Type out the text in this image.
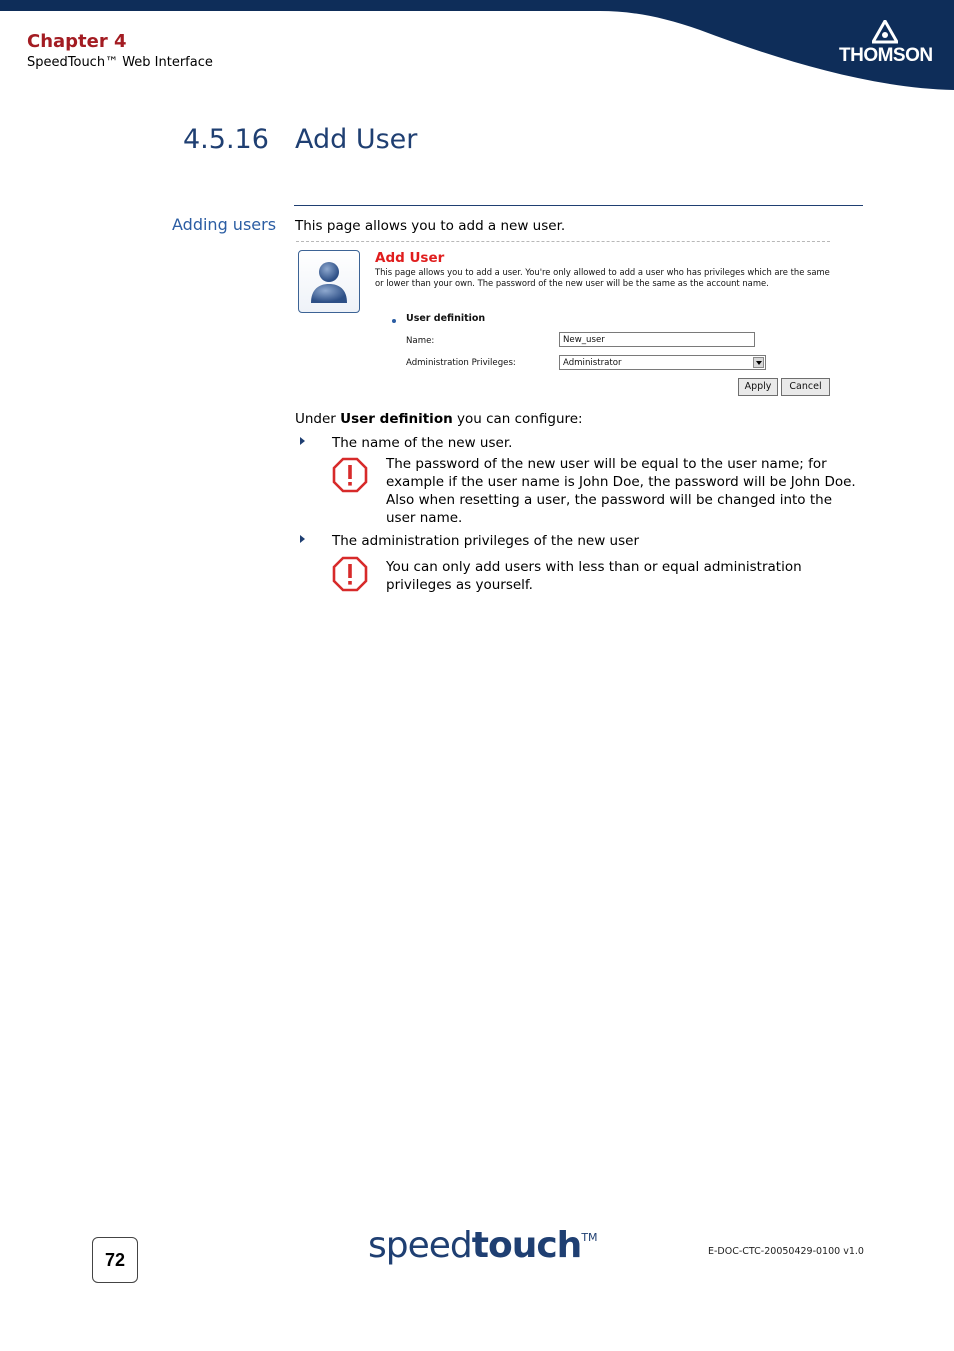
Chapter 4
SpeedTouch™ Web Interface	THOMSON
4.5.16 Add User
Adding users This page allows you to add a new user.
Add User
This page allows you to add a user. You're only allowed to add a user who has privileges which are the same or lower than your own. The password of the new user will be the same as the account name.
User definition
Name:	New_user
Administration Privileges:	Administrator
Apply	Cancel
Under User definition you can configure:
The name of the new user.
The password of the new user will be equal to the user name; for example if the user name is John Doe, the password will be John Doe. Also when resetting a user, the password will be changed into the user name.
The administration privileges of the new user
You can only add users with less than or equal administration privileges as yourself.
72	speedtouch™
E-DOC-CTC-20050429-0100 v1.0
